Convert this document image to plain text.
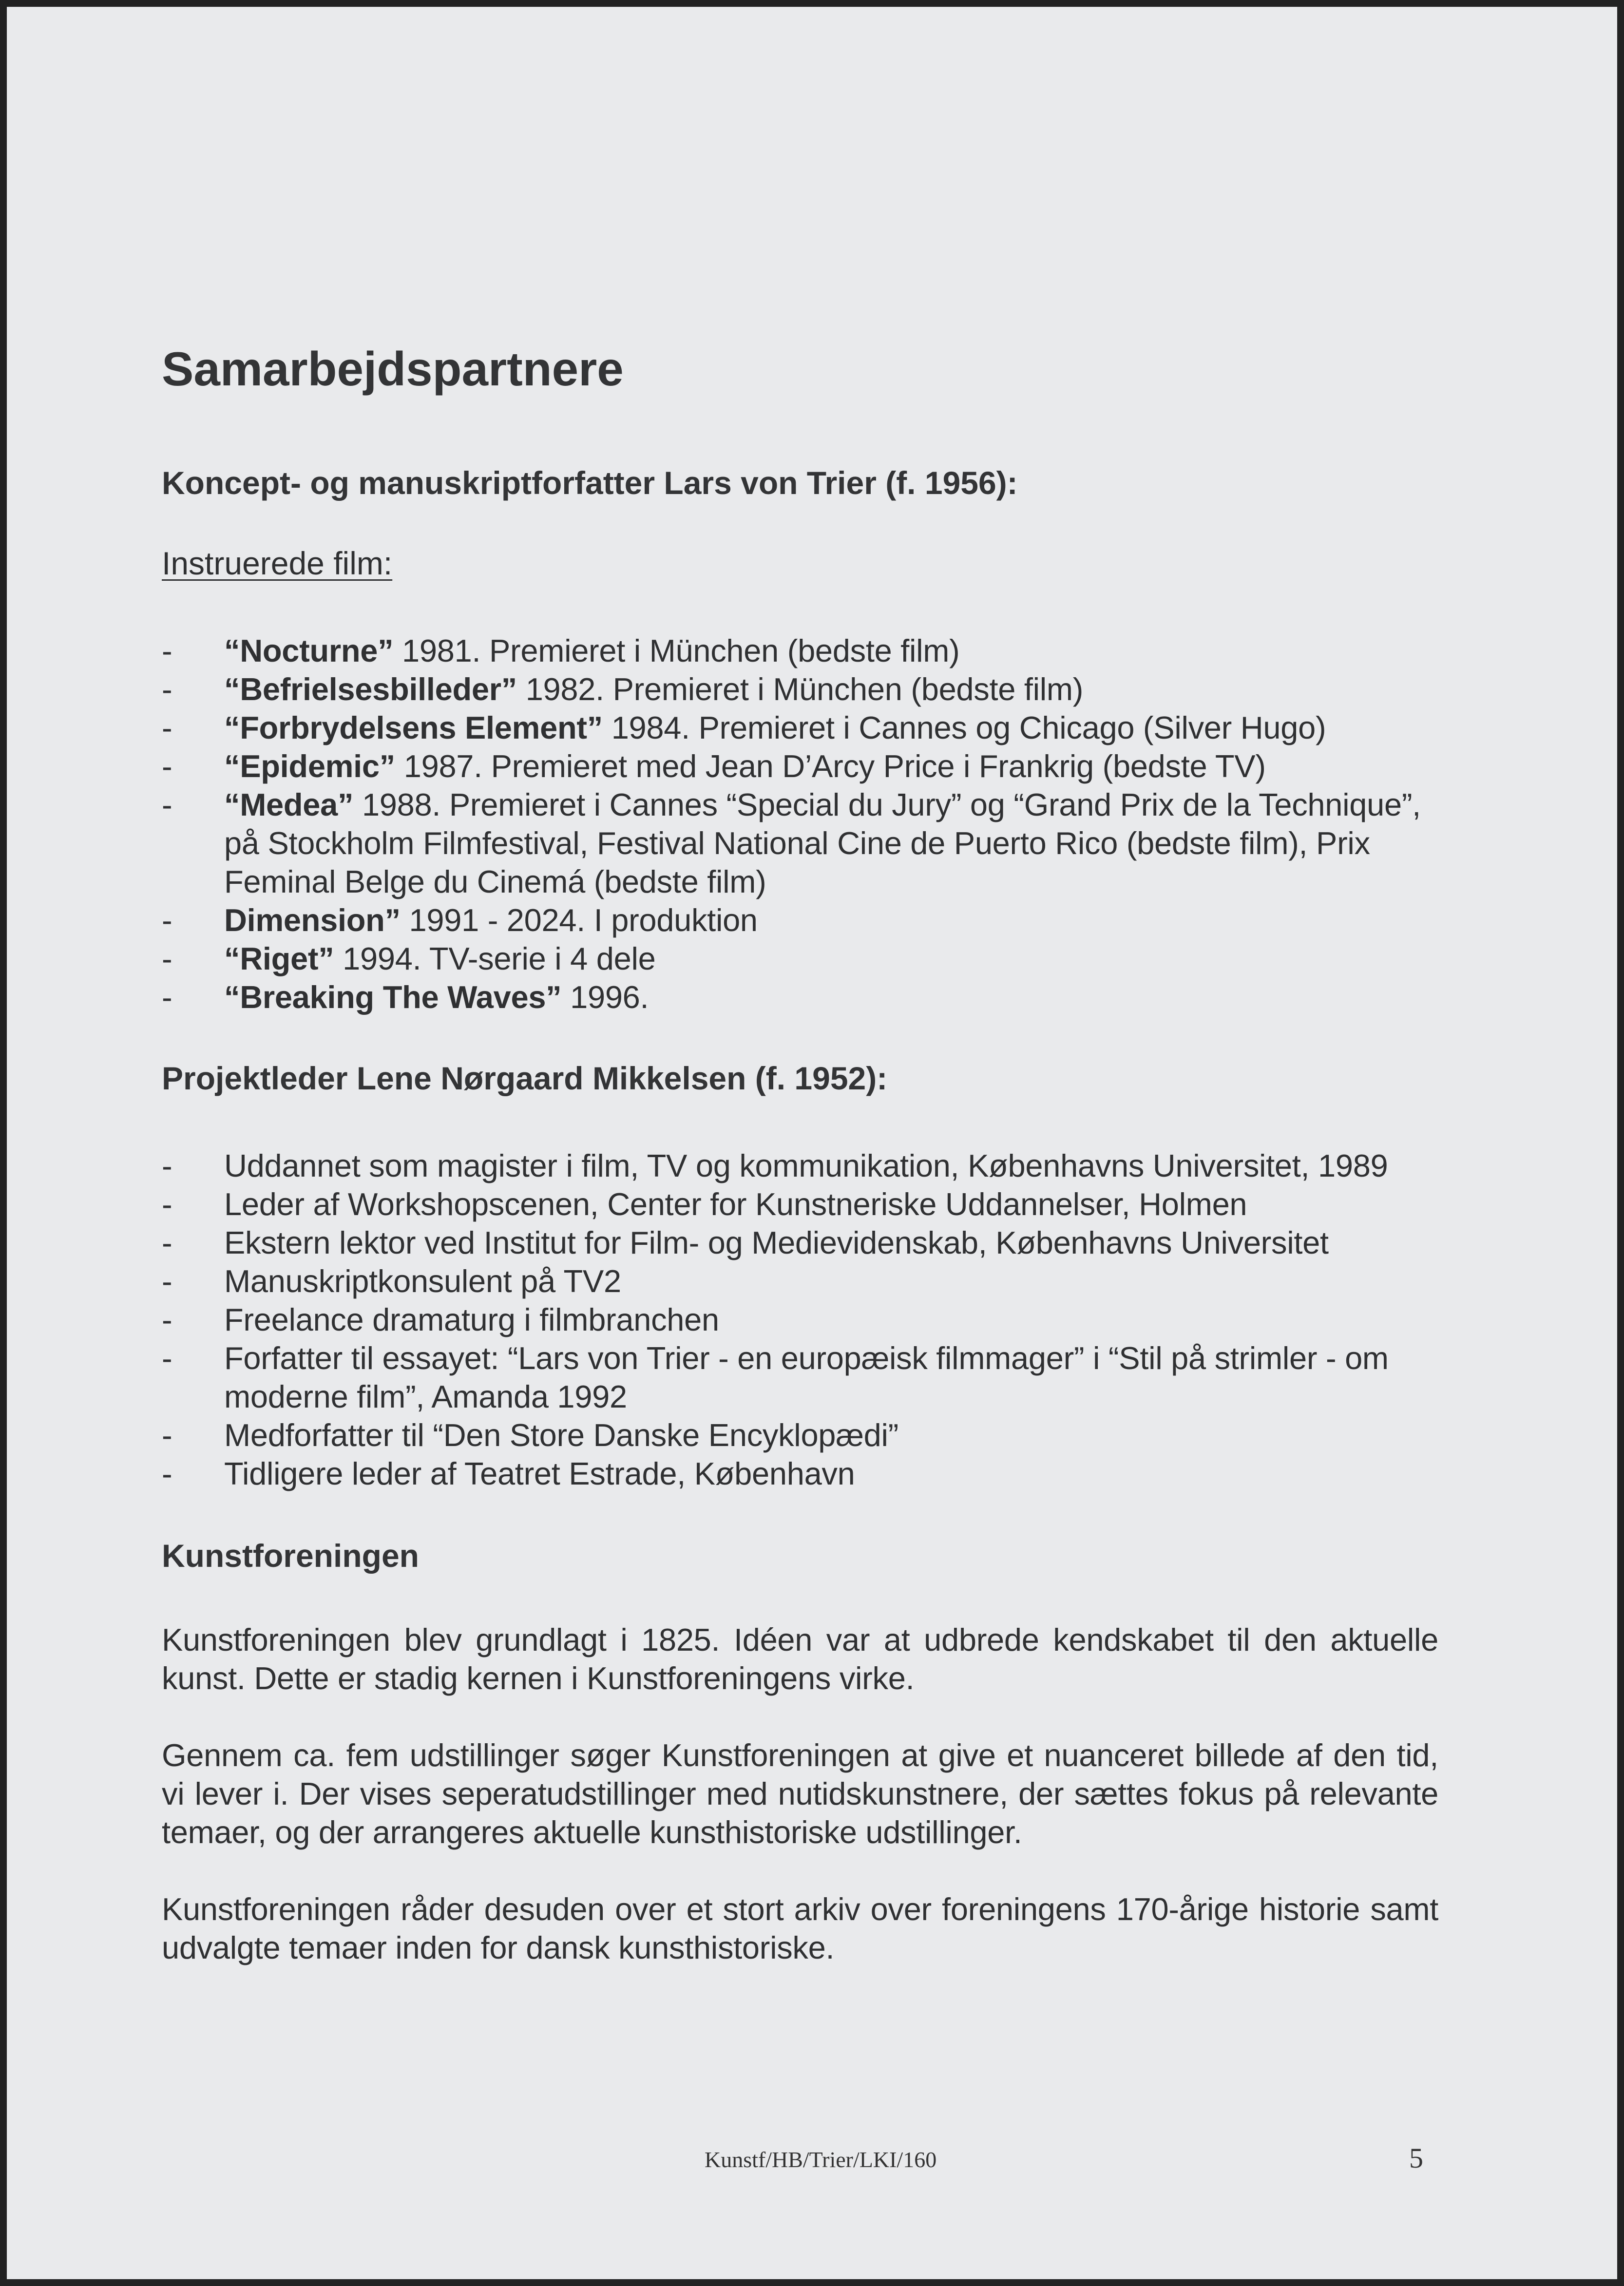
Samarbejdspartnere
Koncept- og manuskriptforfatter Lars von Trier (f. 1956):
Instruerede film:
- “Nocturne” 1981. Premieret i München (bedste film)
- “Befrielsesbilleder” 1982. Premieret i München (bedste film)
- “Forbrydelsens Element” 1984. Premieret i Cannes og Chicago (Silver Hugo)
- “Epidemic” 1987. Premieret med Jean D’Arcy Price i Frankrig (bedste TV)
- “Medea” 1988. Premieret i Cannes “Special du Jury” og “Grand Prix de la Technique”, på Stockholm Filmfestival, Festival National Cine de Puerto Rico (bedste film), Prix Feminal Belge du Cinemá (bedste film)
- Dimension” 1991 - 2024. I produktion
- “Riget” 1994. TV-serie i 4 dele
- “Breaking The Waves” 1996.
Projektleder Lene Nørgaard Mikkelsen (f. 1952):
- Uddannet som magister i film, TV og kommunikation, Københavns Universitet, 1989
- Leder af Workshopscenen, Center for Kunstneriske Uddannelser, Holmen
- Ekstern lektor ved Institut for Film- og Medievidenskab, Københavns Universitet
- Manuskriptkonsulent på TV2
- Freelance dramaturg i filmbranchen
- Forfatter til essayet: “Lars von Trier - en europæisk filmmager” i “Stil på strimler - om moderne film”, Amanda 1992
- Medforfatter til “Den Store Danske Encyklopædi”
- Tidligere leder af Teatret Estrade, København
Kunstforeningen

Kunstforeningen blev grundlagt i 1825. Idéen var at udbrede kendskabet til den aktuelle kunst. Dette er stadig kernen i Kunstforeningens virke.

Gennem ca. fem udstillinger søger Kunstforeningen at give et nuanceret billede af den tid, vi lever i. Der vises seperatudstillinger med nutidskunstnere, der sættes fokus på relevante temaer, og der arrangeres aktuelle kunsthistoriske udstillinger.

Kunstforeningen råder desuden over et stort arkiv over foreningens 170-årige historie samt udvalgte temaer inden for dansk kunsthistoriske.

Kunstf/HB/Trier/LKI/160	5
